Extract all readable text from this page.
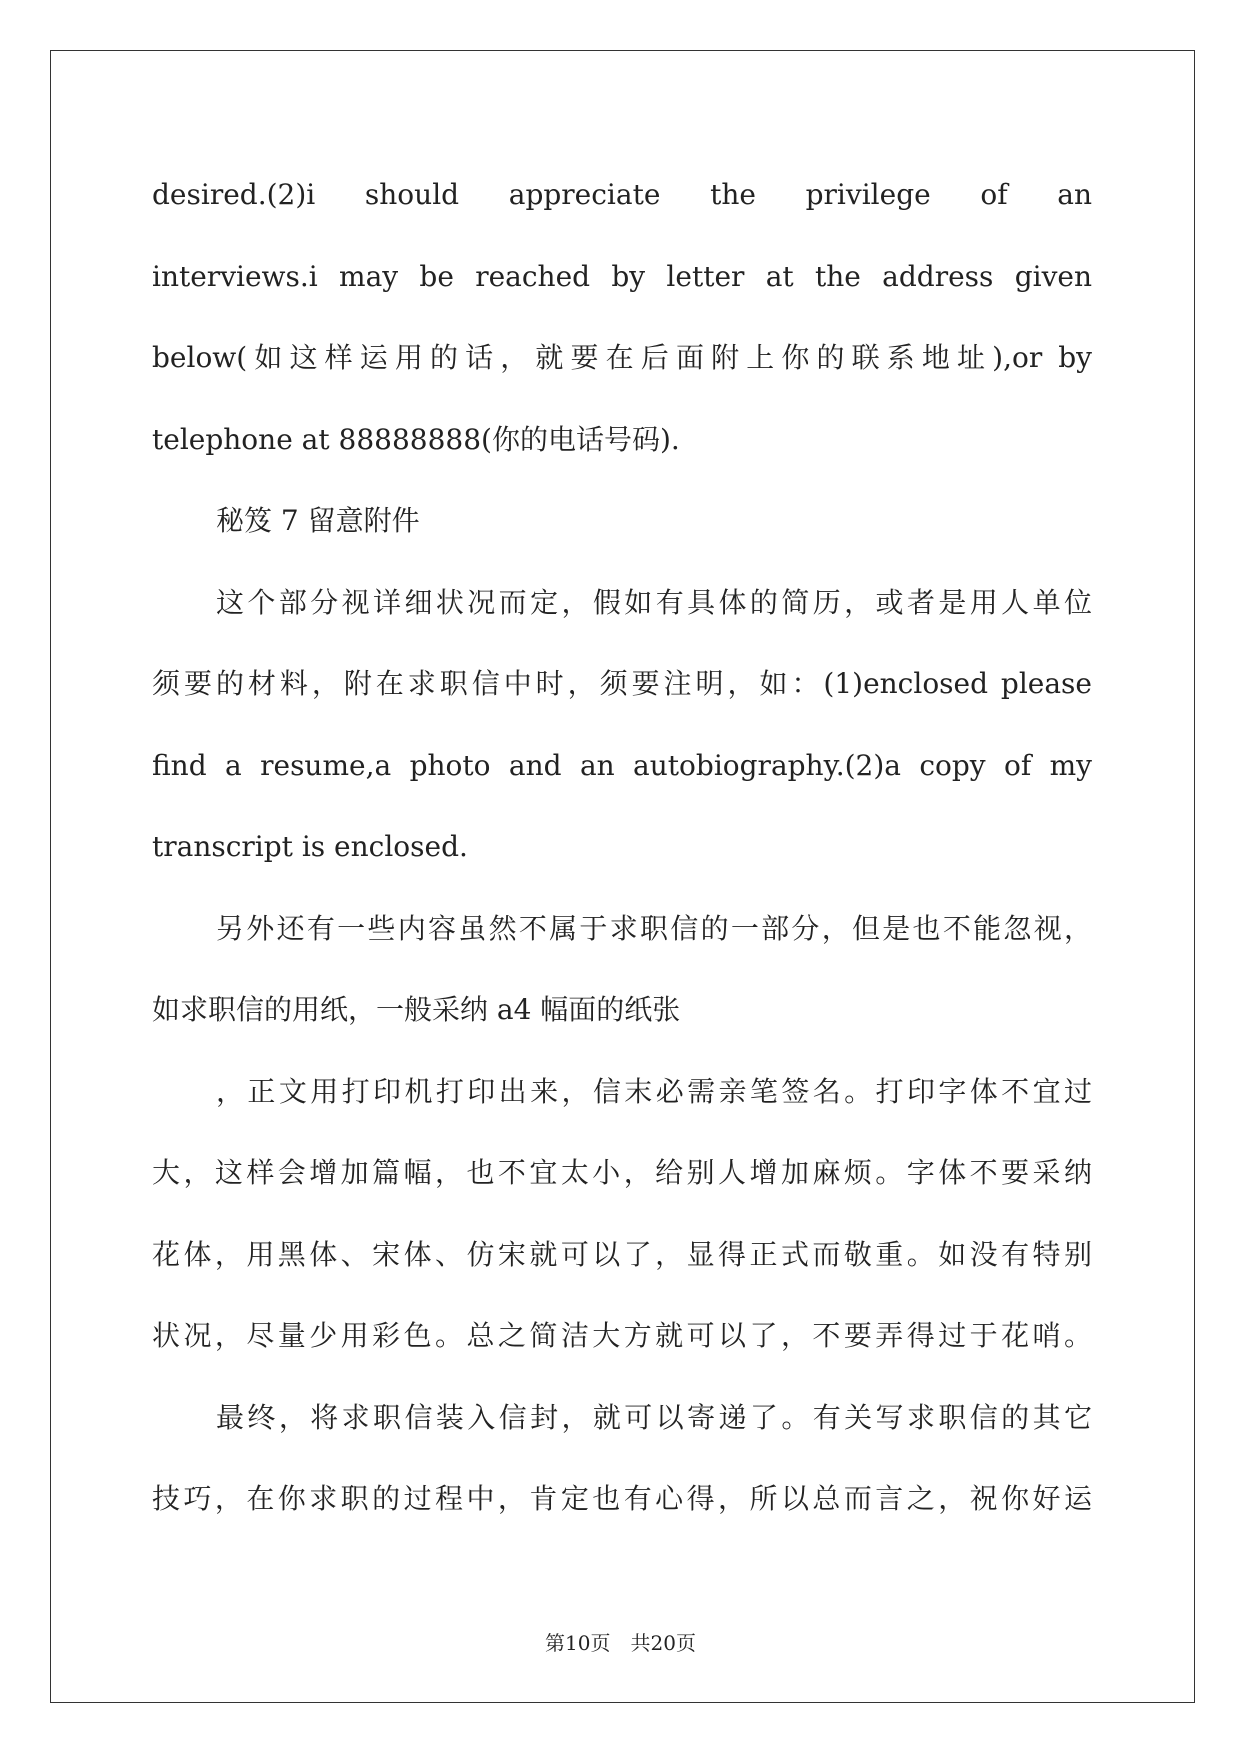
desired.(2)i should appreciate the privilege of an
interviews.i may be reached by letter at the address given
below(如这样运用的话，就要在后面附上你的联系地址),or by
telephone at 88888888(你的电话号码).
秘笈 7 留意附件
这个部分视详细状况而定，假如有具体的简历，或者是用人单位
须要的材料，附在求职信中时，须要注明，如：(1)enclosed please
find a resume,a photo and an autobiography.(2)a copy of my
transcript is enclosed.
另外还有一些内容虽然不属于求职信的一部分，但是也不能忽视，
如求职信的用纸，一般采纳 a4 幅面的纸张
，正文用打印机打印出来，信末必需亲笔签名。打印字体不宜过
大，这样会增加篇幅，也不宜太小，给别人增加麻烦。字体不要采纳
花体，用黑体、宋体、仿宋就可以了，显得正式而敬重。如没有特别
状况，尽量少用彩色。总之简洁大方就可以了，不要弄得过于花哨。
最终，将求职信装入信封，就可以寄递了。有关写求职信的其它
技巧，在你求职的过程中，肯定也有心得，所以总而言之，祝你好运
第10页 共20页
